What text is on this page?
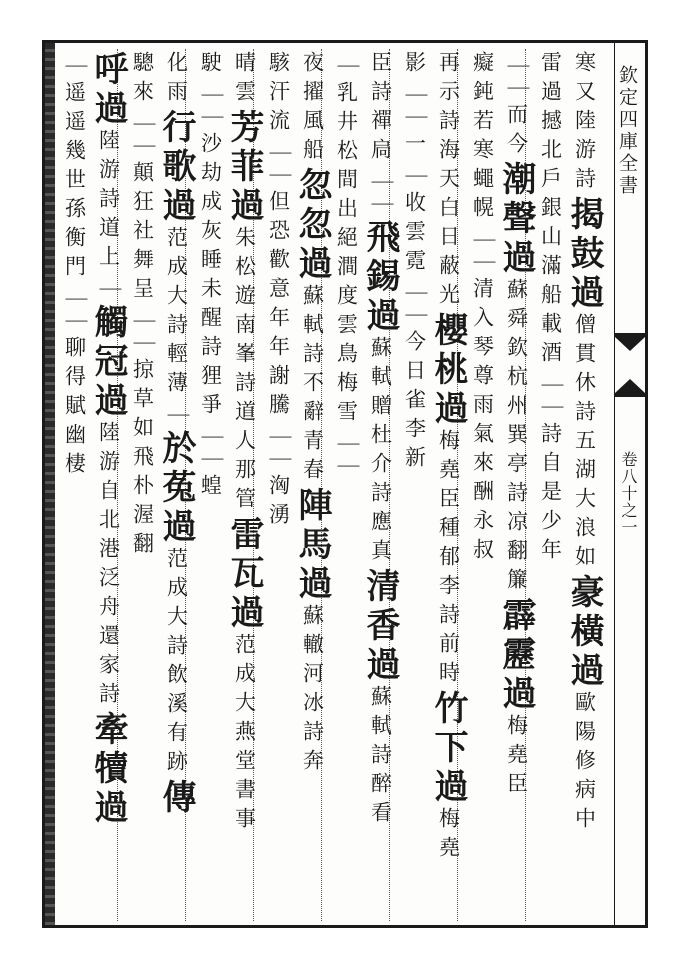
欽定四庫全書
卷八十之一
寒又陸游詩
揭鼓過
僧貫休詩五湖大浪如
豪橫過
歐陽修病中
雷過撼北戶
銀山滿船載酒
｜｜
詩自是少年
｜｜
而今
潮聲過
蘇舜欽杭州巽亭詩凉翻簾
霹靂過
梅堯臣
癡鈍若寒蠅
幌
｜｜
清入琴尊雨氣來
酬永叔
再示詩海天白日蔽光
櫻桃過
梅堯臣種郁李詩前時
竹下過
梅堯
影
｜｜
一
｜
收雲霓
｜｜
今日雀李新
臣詩禪扃
｜｜
飛錫過
蘇軾贈杜介詩應真
清香過
蘇軾詩醉看
｜
乳井松間出
絕澗度雲鳥
梅雪
｜｜
夜擢風船
忽忽過
蘇軾詩不辭青春
陣馬過
蘇轍河冰詩奔
駭汗流
｜｜
但恐歡意年年謝
騰
｜｜
洶湧
晴雲
芳菲過
朱松遊南峯詩道人那管
雷瓦過
范成大燕堂書事
駛
｜｜
沙劫成灰睡未醒
詩狸爭
｜｜
蝗
化雨
行歌過
范成大詩輕薄
｜
於菟過
范成大詩飲溪有跡
傳
驄來
｜｜
顛狂社舞呈
｜｜
掠草如飛朴渥翻
呼過
陸游詩道上
｜
觸冠過
陸游自北港泛舟還家詩
牽犢過
｜
遥遥幾世孫
衡門
｜｜
聊得賦幽棲
